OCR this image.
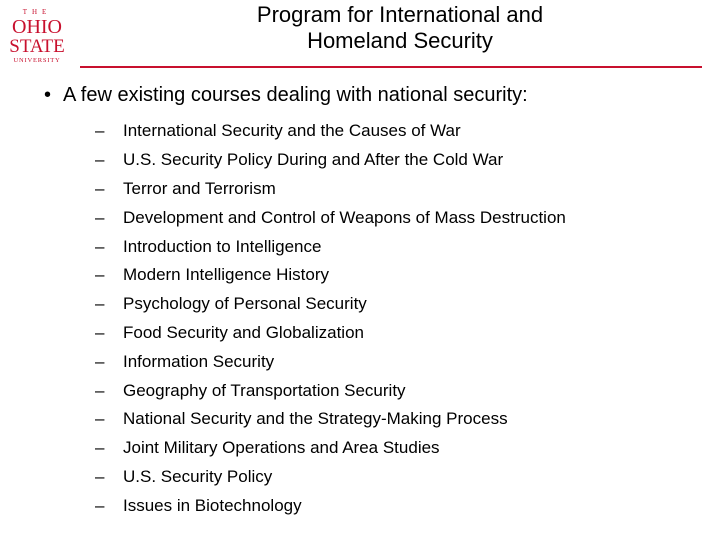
THE
OHIO
STATE
UNIVERSITY
Program for International and
Homeland Security
• A few existing courses dealing with national security:
–	International Security and the Causes of War
–	U.S. Security Policy During and After the Cold War
–	Terror and Terrorism
–	Development and Control of Weapons of Mass Destruction
–	Introduction to Intelligence
–	Modern Intelligence History
–	Psychology of Personal Security
–	Food Security and Globalization
–	Information Security
–	Geography of Transportation Security
–	National Security and the Strategy-Making Process
–	Joint Military Operations and Area Studies
–	U.S. Security Policy
–	Issues in Biotechnology
